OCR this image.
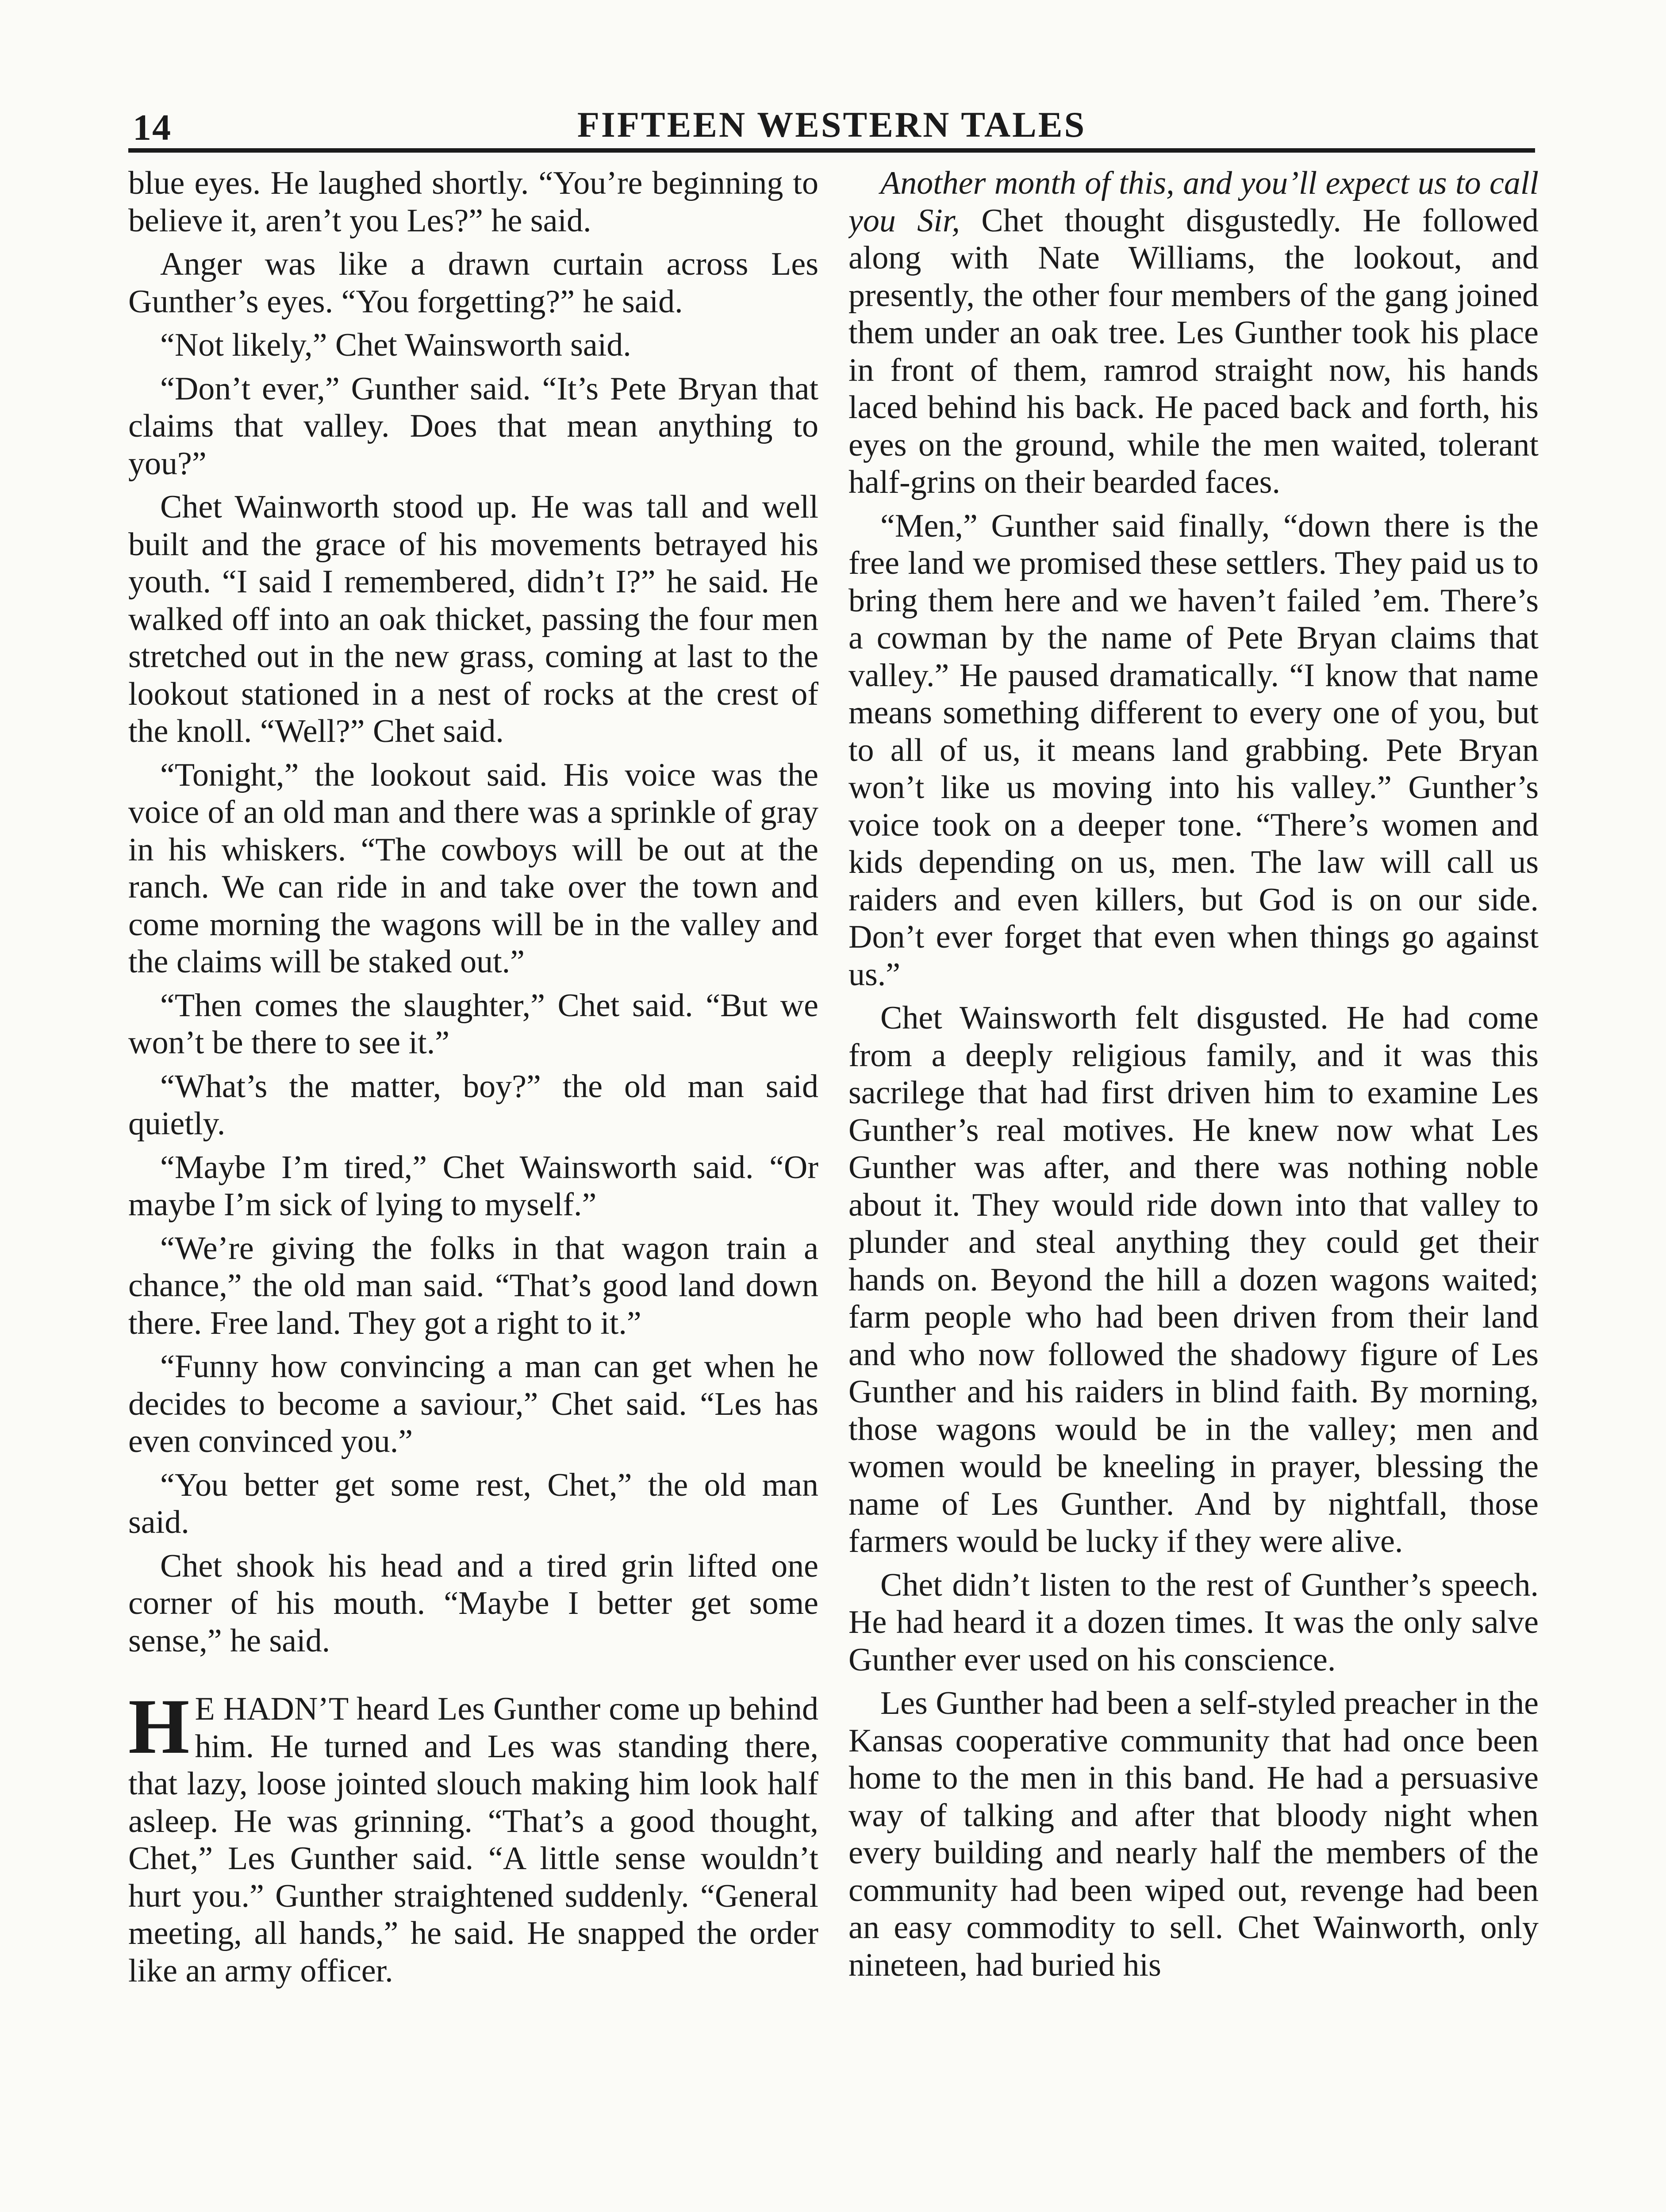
14	FIFTEEN WESTERN TALES

blue eyes. He laughed shortly. “You’re beginning to believe it, aren’t you Les?” he said.

Anger was like a drawn curtain across Les Gunther’s eyes. “You forgetting?” he said.

“Not likely,” Chet Wainsworth said.

“Don’t ever,” Gunther said. “It’s Pete Bryan that claims that valley. Does that mean anything to you?”

Chet Wainworth stood up. He was tall and well built and the grace of his movements betrayed his youth. “I said I remembered, didn’t I?” he said. He walked off into an oak thicket, passing the four men stretched out in the new grass, coming at last to the lookout stationed in a nest of rocks at the crest of the knoll. “Well?” Chet said.

“Tonight,” the lookout said. His voice was the voice of an old man and there was a sprinkle of gray in his whiskers. “The cowboys will be out at the ranch. We can ride in and take over the town and come morning the wagons will be in the valley and the claims will be staked out.”

“Then comes the slaughter,” Chet said. “But we won’t be there to see it.”

“What’s the matter, boy?” the old man said quietly.

“Maybe I’m tired,” Chet Wainsworth said. “Or maybe I’m sick of lying to myself.”

“We’re giving the folks in that wagon train a chance,” the old man said. “That’s good land down there. Free land. They got a right to it.”

“Funny how convincing a man can get when he decides to become a saviour,” Chet said. “Les has even convinced you.”

“You better get some rest, Chet,” the old man said.

Chet shook his head and a tired grin lifted one corner of his mouth. “Maybe I better get some sense,” he said.

H E HADN’T heard Les Gunther come up behind him. He turned and Les was standing there, that lazy, loose jointed slouch making him look half asleep. He was grinning. “That’s a good thought, Chet,” Les Gunther said. “A little sense wouldn’t hurt you.” Gunther straightened suddenly. “General meeting, all hands,” he said. He snapped the order like an army officer.

Another month of this, and you’ll expect us to call you Sir, Chet thought disgustedly. He followed along with Nate Williams, the lookout, and presently, the other four members of the gang joined them under an oak tree. Les Gunther took his place in front of them, ramrod straight now, his hands laced behind his back. He paced back and forth, his eyes on the ground, while the men waited, tolerant half-grins on their bearded faces.

“Men,” Gunther said finally, “down there is the free land we promised these settlers. They paid us to bring them here and we haven’t failed ’em. There’s a cowman by the name of Pete Bryan claims that valley.” He paused dramatically. “I know that name means something different to every one of you, but to all of us, it means land grabbing. Pete Bryan won’t like us moving into his valley.” Gunther’s voice took on a deeper tone. “There’s women and kids depending on us, men. The law will call us raiders and even killers, but God is on our side. Don’t ever forget that even when things go against us.”

Chet Wainsworth felt disgusted. He had come from a deeply religious family, and it was this sacrilege that had first driven him to examine Les Gunther’s real motives. He knew now what Les Gunther was after, and there was nothing noble about it. They would ride down into that valley to plunder and steal anything they could get their hands on. Beyond the hill a dozen wagons waited; farm people who had been driven from their land and who now followed the shadowy figure of Les Gunther and his raiders in blind faith. By morning, those wagons would be in the valley; men and women would be kneeling in prayer, blessing the name of Les Gunther. And by nightfall, those farmers would be lucky if they were alive.

Chet didn’t listen to the rest of Gunther’s speech. He had heard it a dozen times. It was the only salve Gunther ever used on his conscience.

Les Gunther had been a self-styled preacher in the Kansas cooperative community that had once been home to the men in this band. He had a persuasive way of talking and after that bloody night when every building and nearly half the members of the community had been wiped out, revenge had been an easy commodity to sell. Chet Wainworth, only nineteen, had buried his
